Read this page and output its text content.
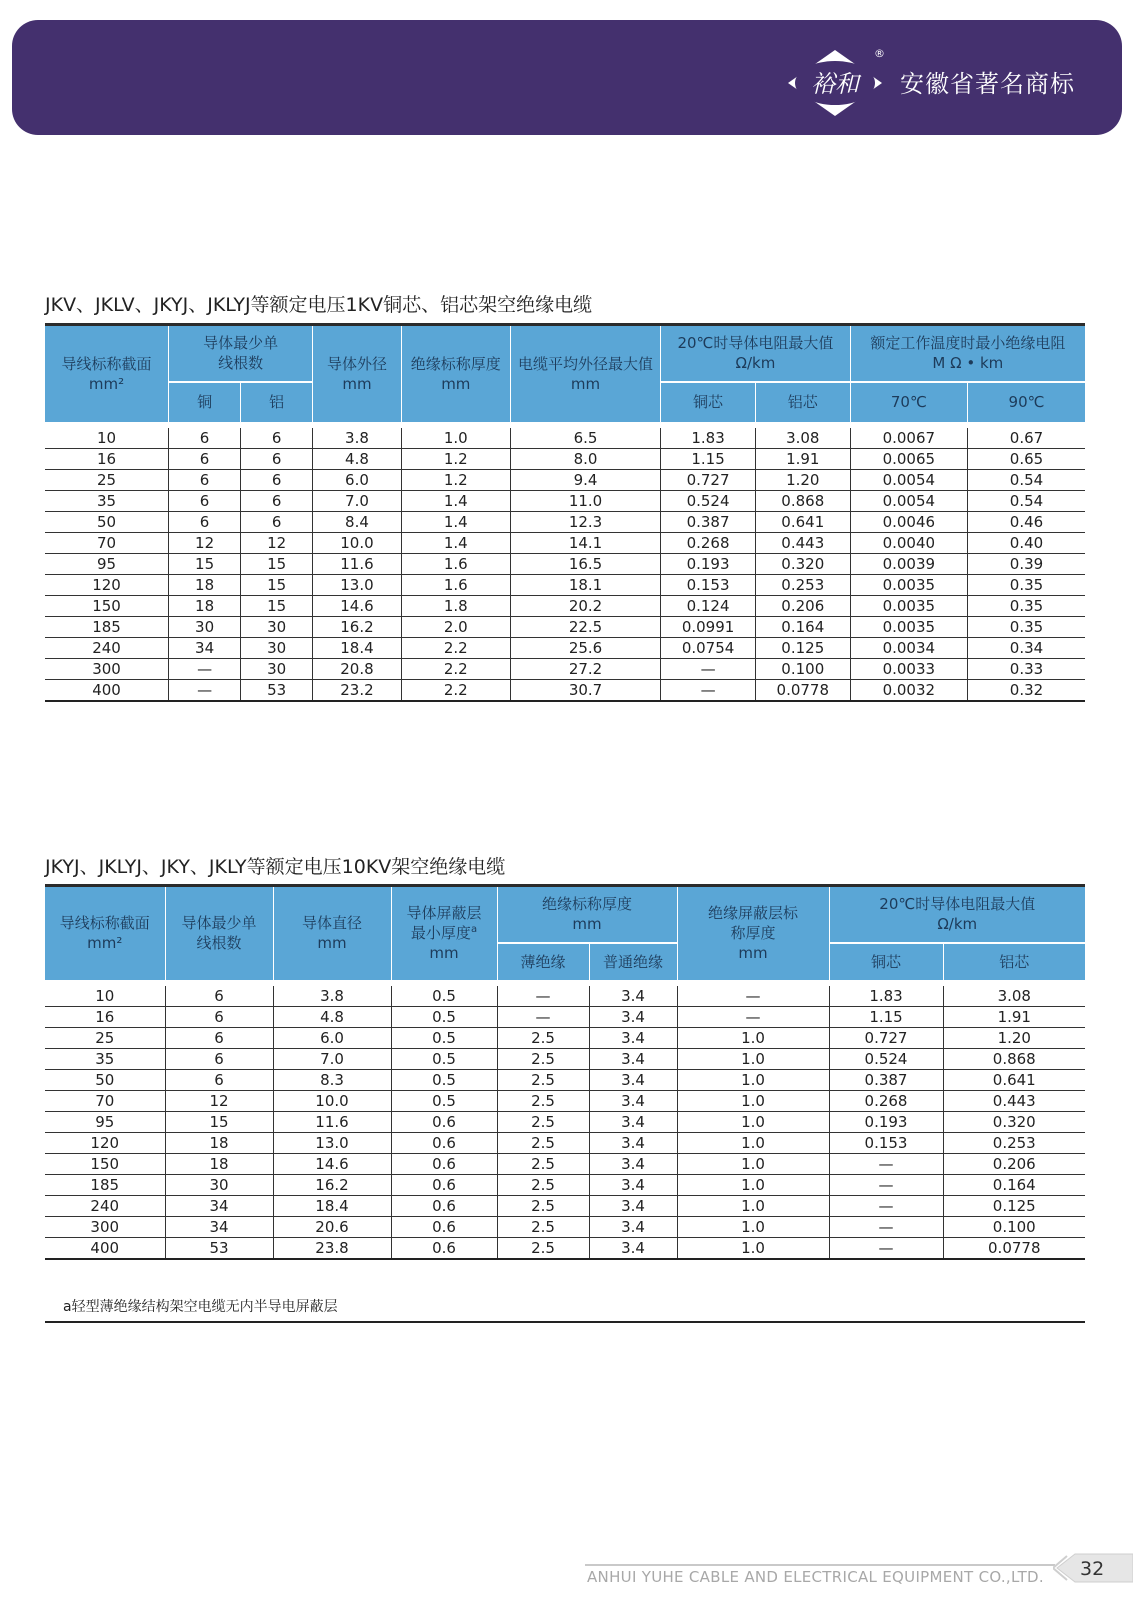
裕和
®
安徽省著名商标
JKV、JKLV、JKYJ、JKLYJ等额定电压1KV铜芯、铝芯架空绝缘电缆
导线标称截面
mm²	导体最少单
线根数		导体外径
mm	绝缘标称厚度
mm	电缆平均外径最大值
mm	20℃时导体电阻最大值
Ω/km		额定工作温度时最小绝缘电阻
M Ω • km	
	铜	铝				铜芯	铝芯	70℃	90℃
10	6	6	3.8	1.0	6.5	1.83	3.08	0.0067	0.67
16	6	6	4.8	1.2	8.0	1.15	1.91	0.0065	0.65
25	6	6	6.0	1.2	9.4	0.727	1.20	0.0054	0.54
35	6	6	7.0	1.4	11.0	0.524	0.868	0.0054	0.54
50	6	6	8.4	1.4	12.3	0.387	0.641	0.0046	0.46
70	12	12	10.0	1.4	14.1	0.268	0.443	0.0040	0.40
95	15	15	11.6	1.6	16.5	0.193	0.320	0.0039	0.39
120	18	15	13.0	1.6	18.1	0.153	0.253	0.0035	0.35
150	18	15	14.6	1.8	20.2	0.124	0.206	0.0035	0.35
185	30	30	16.2	2.0	22.5	0.0991	0.164	0.0035	0.35
240	34	30	18.4	2.2	25.6	0.0754	0.125	0.0034	0.34
300	—	30	20.8	2.2	27.2	—	0.100	0.0033	0.33
400	—	53	23.2	2.2	30.7	—	0.0778	0.0032	0.32
JKYJ、JKLYJ、JKY、JKLY等额定电压10KV架空绝缘电缆
导线标称截面
mm²	导体最少单
线根数	导体直径
mm	导体屏蔽层
最小厚度$^a$
mm	绝缘标称厚度
mm		绝缘屏蔽层标
称厚度
mm	20℃时导体电阻最大值
Ω/km	
				薄绝缘	普通绝缘		铜芯	铝芯
10	6	3.8	0.5	—	3.4	—	1.83	3.08
16	6	4.8	0.5	—	3.4	—	1.15	1.91
25	6	6.0	0.5	2.5	3.4	1.0	0.727	1.20
35	6	7.0	0.5	2.5	3.4	1.0	0.524	0.868
50	6	8.3	0.5	2.5	3.4	1.0	0.387	0.641
70	12	10.0	0.5	2.5	3.4	1.0	0.268	0.443
95	15	11.6	0.6	2.5	3.4	1.0	0.193	0.320
120	18	13.0	0.6	2.5	3.4	1.0	0.153	0.253
150	18	14.6	0.6	2.5	3.4	1.0	—	0.206
185	30	16.2	0.6	2.5	3.4	1.0	—	0.164
240	34	18.4	0.6	2.5	3.4	1.0	—	0.125
300	34	20.6	0.6	2.5	3.4	1.0	—	0.100
400	53	23.8	0.6	2.5	3.4	1.0	—	0.0778
a轻型薄绝缘结构架空电缆无内半导电屏蔽层
ANHUI YUHE CABLE AND ELECTRICAL EQUIPMENT CO.,LTD. 32
